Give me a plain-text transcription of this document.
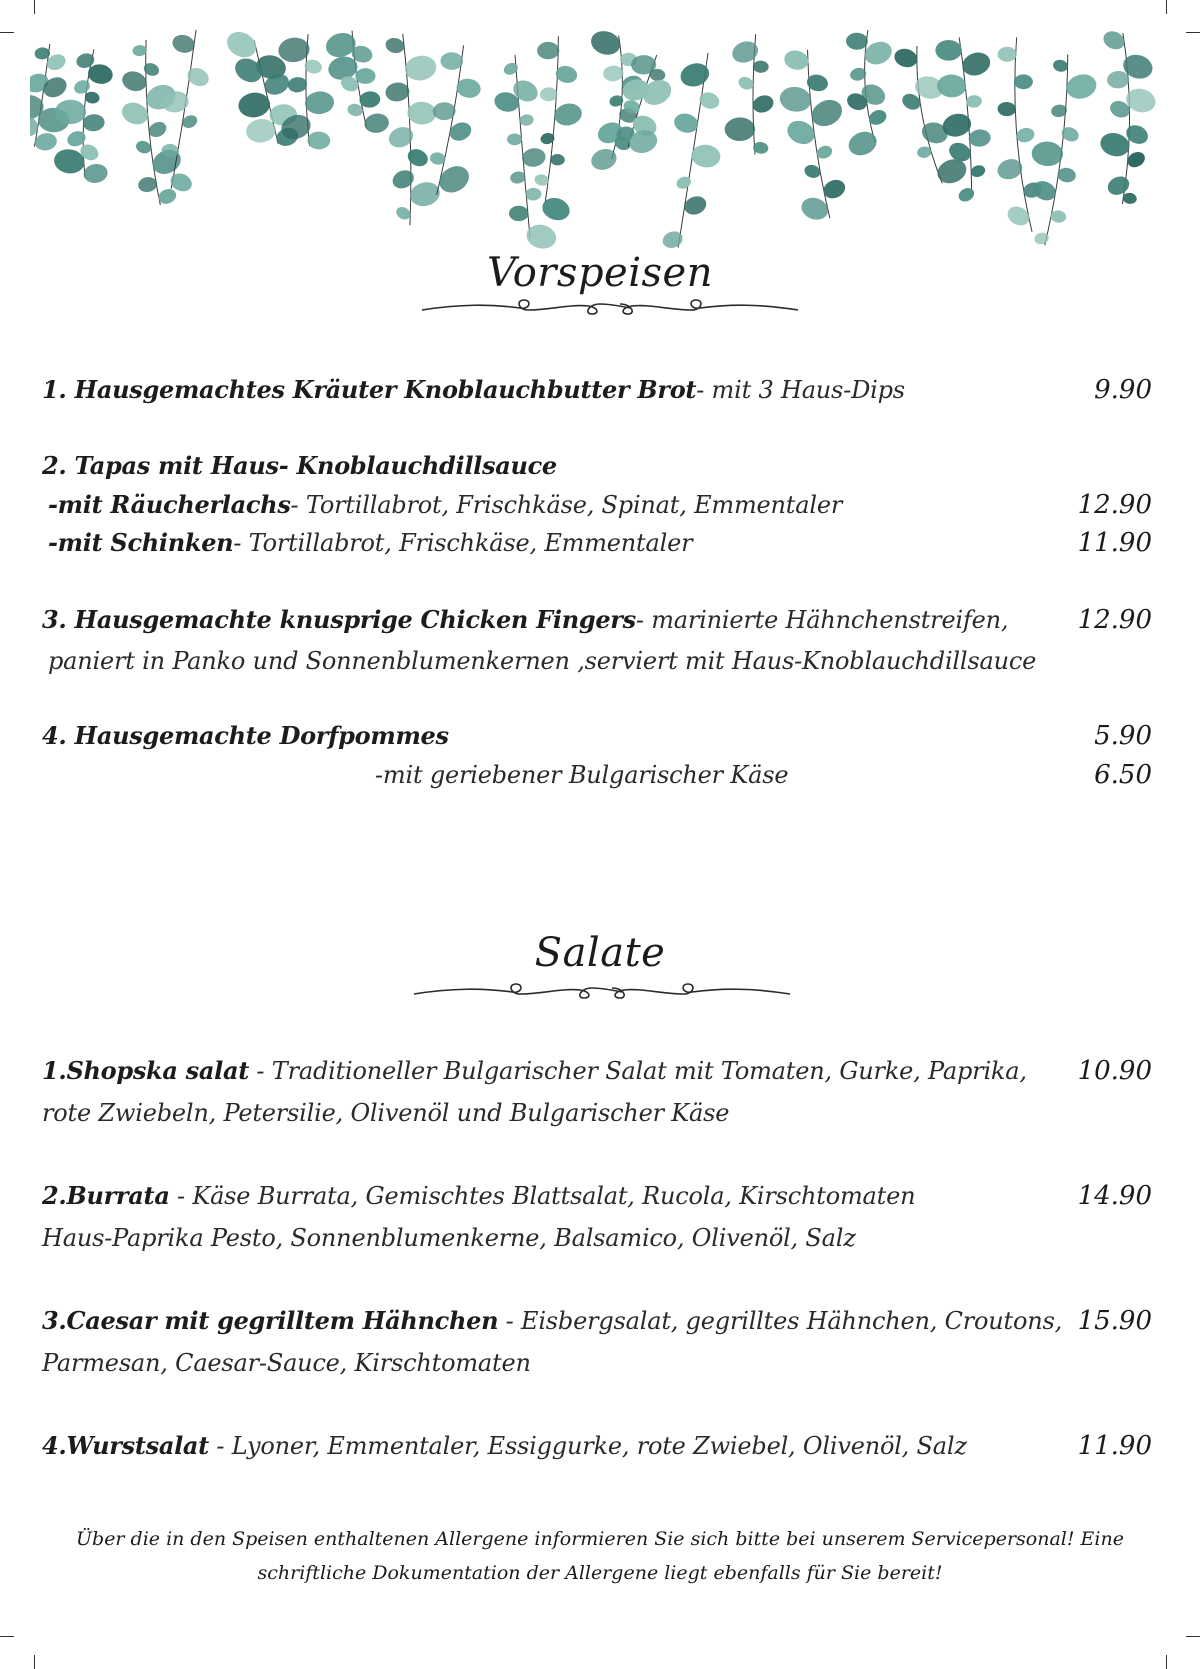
Vorspeisen
1. Hausgemachtes Kräuter Knoblauchbutter Brot- mit 3 Haus-Dips	9.90
2. Tapas mit Haus- Knoblauchdillsauce
-mit Räucherlachs- Tortillabrot, Frischkäse, Spinat, Emmentaler	12.90
-mit Schinken- Tortillabrot, Frischkäse, Emmentaler	11.90
3. Hausgemachte knusprige Chicken Fingers- marinierte Hähnchenstreifen,	12.90
paniert in Panko und Sonnenblumenkernen ,serviert mit Haus-Knoblauchdillsauce
4. Hausgemachte Dorfpommes	5.90
-mit geriebener Bulgarischer Käse	6.50
Salate
1.Shopska salat - Traditioneller Bulgarischer Salat mit Tomaten, Gurke, Paprika, 10.90
rote Zwiebeln, Petersilie, Olivenöl und Bulgarischer Käse
2.Burrata - Käse Burrata, Gemischtes Blattsalat, Rucola, Kirschtomaten	14.90
Haus-Paprika Pesto, Sonnenblumenkerne, Balsamico, Olivenöl, Salz
3.Caesar mit gegrilltem Hähnchen - Eisbergsalat, gegrilltes Hähnchen, Croutons, 15.90
Parmesan, Caesar-Sauce, Kirschtomaten
4.Wurstsalat - Lyoner, Emmentaler, Essiggurke, rote Zwiebel, Olivenöl, Salz	11.90
Über die in den Speisen enthaltenen Allergene informieren Sie sich bitte bei unserem Servicepersonal! Eine
schriftliche Dokumentation der Allergene liegt ebenfalls für Sie bereit!
